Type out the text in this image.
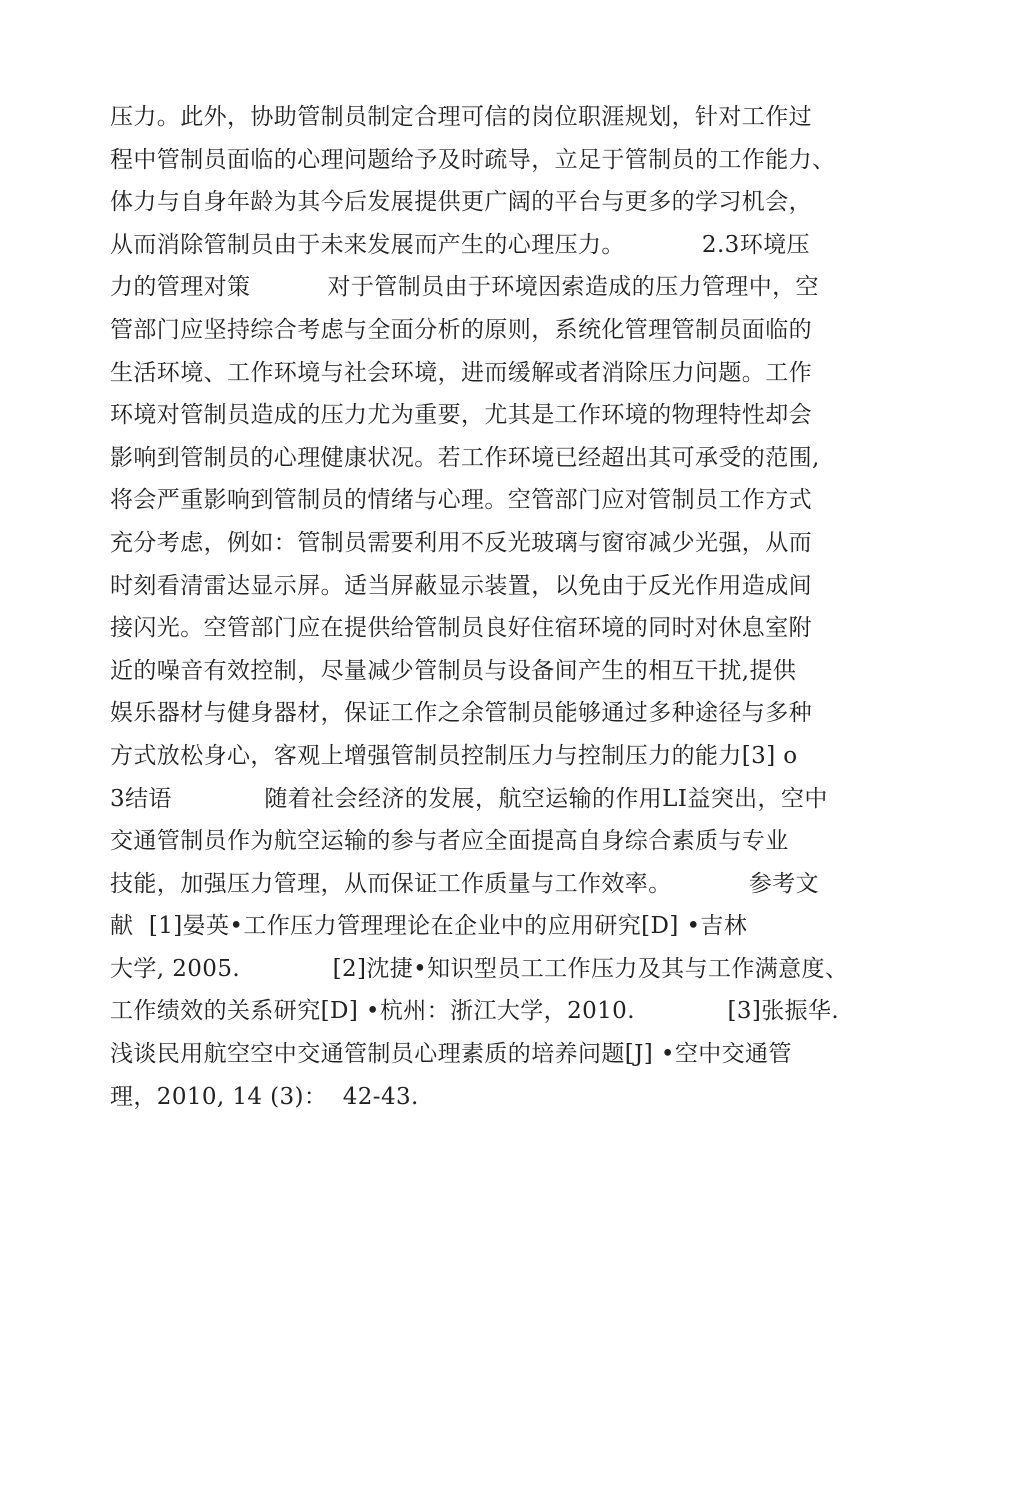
压力。此外，协助管制员制定合理可信的岗位职涯规划，针对工作过
程中管制员面临的心理问题给予及时疏导，立足于管制员的工作能力、
体力与自身年龄为其今后发展提供更广阔的平台与更多的学习机会，
从而消除管制员由于未来发展而产生的心理压力。          2.3环境压
力的管理对策          对于管制员由于环境因索造成的压力管理中，空
管部门应坚持综合考虑与全面分析的原则，系统化管理管制员面临的
生活环境、工作环境与社会环境，进而缓解或者消除压力问题。工作
环境对管制员造成的压力尤为重要，尤其是工作环境的物理特性却会
影响到管制员的心理健康状况。若工作环境已经超出其可承受的范围,
将会严重影响到管制员的情绪与心理。空管部门应对管制员工作方式
充分考虑，例如：管制员需要利用不反光玻璃与窗帘减少光强，从而
时刻看清雷达显示屏。适当屏蔽显示装置，以免由于反光作用造成间
接闪光。空管部门应在提供给管制员良好住宿环境的同时对休息室附
近的噪音有效控制，尽量减少管制员与设备间产生的相互干扰,提供
娱乐器材与健身器材，保证工作之余管制员能够通过多种途径与多种
方式放松身心，客观上增强管制员控制压力与控制压力的能力[3] o
3结语            随着社会经济的发展，航空运输的作用LI益突出，空中
交通管制员作为航空运输的参与者应全面提高自身综合素质与专业
技能，加强压力管理，从而保证工作质量与工作效率。          参考文
献  [1]晏英•工作压力管理理论在企业中的应用研究[D] •吉林
大学, 2005.            [2]沈捷•知识型员工工作压力及其与工作满意度、
工作绩效的关系研究[D] •杭州：浙江大学，2010.            [3]张振华.
浅谈民用航空空中交通管制员心理素质的培养问题[J] •空中交通管
理，2010, 14 (3)：  42-43.
